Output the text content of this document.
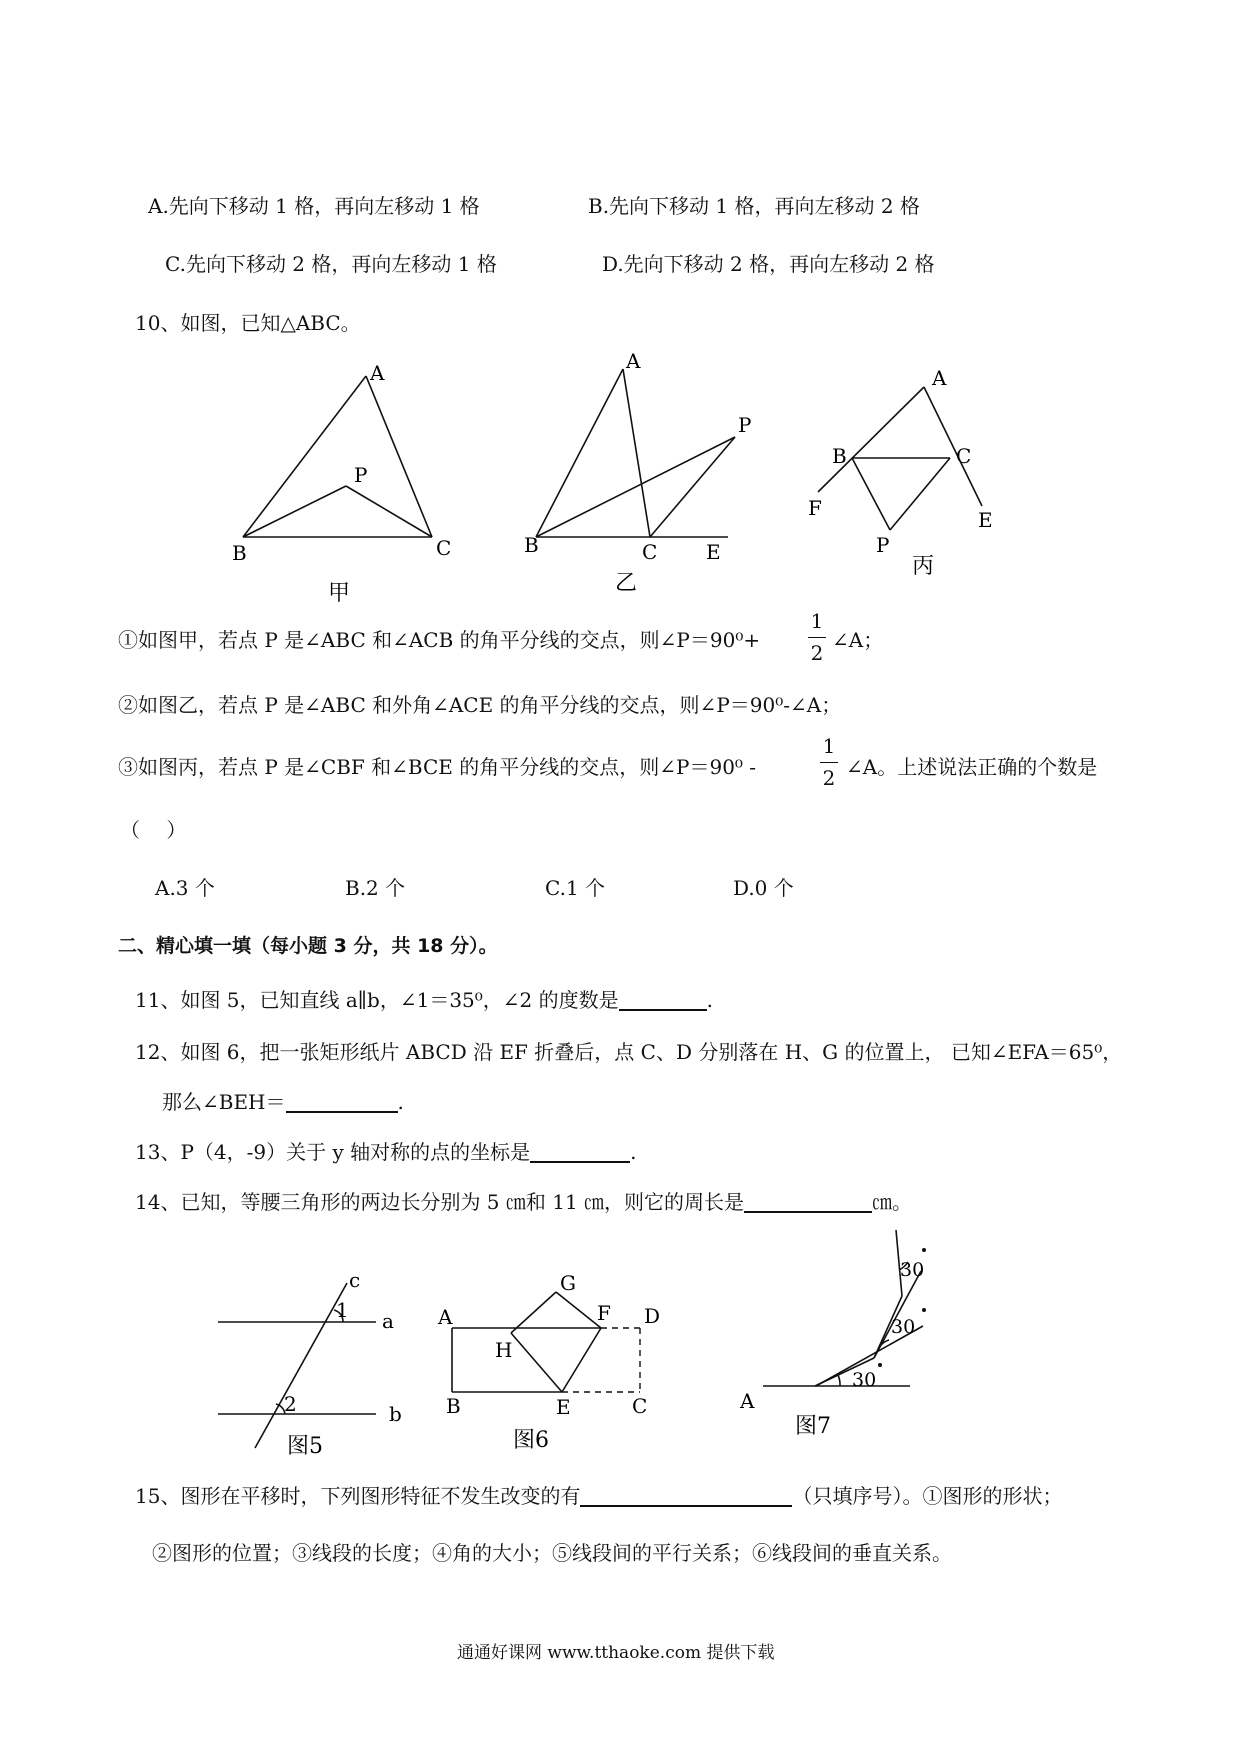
A.先向下移动 1 格，再向左移动 1 格	B.先向下移动 1 格，再向左移动 2 格
C.先向下移动 2 格，再向左移动 1 格	D.先向下移动 2 格，再向左移动 2 格
10、如图，已知△ABC。
A
P
B	C
甲
A
P
B	C E
乙
A
B	C
F	E
P
丙
①如图甲，若点 P 是∠ABC 和∠ACB 的角平分线的交点，则∠P＝90⁰+
1
2
∠A；
②如图乙，若点 P 是∠ABC 和外角∠ACE 的角平分线的交点，则∠P＝90⁰-∠A；
③如图丙，若点 P 是∠CBF 和∠BCE 的角平分线的交点，则∠P＝90⁰ -
1
2 ∠A。上述说法正确的个数是
（　 ）
A.3 个	B.2 个	C.1 个	D.0 个
二、精心填一填（每小题 3 分，共 18 分）。
11、如图 5，已知直线 a∥b，∠1＝35⁰，∠2 的度数是	.
12、如图 6，把一张矩形纸片 ABCD 沿 EF 折叠后，点 C、D 分别落在 H、G 的位置上， 已知∠EFA＝65⁰，
那么∠BEH＝	.
13、P（4，-9）关于 y 轴对称的点的坐标是	.
14、已知，等腰三角形的两边长分别为 5 ㎝和 11 ㎝，则它的周长是	㎝。
c
a
b
1
2
图5
A
B	C
D
E
F
G
H
图6
A
30
30
30
图7
15、图形在平移时，下列图形特征不发生改变的有	（只填序号）。①图形的形状；
②图形的位置；③线段的长度；④角的大小；⑤线段间的平行关系；⑥线段间的垂直关系。
通通好课网 www.tthaoke.com 提供下载
